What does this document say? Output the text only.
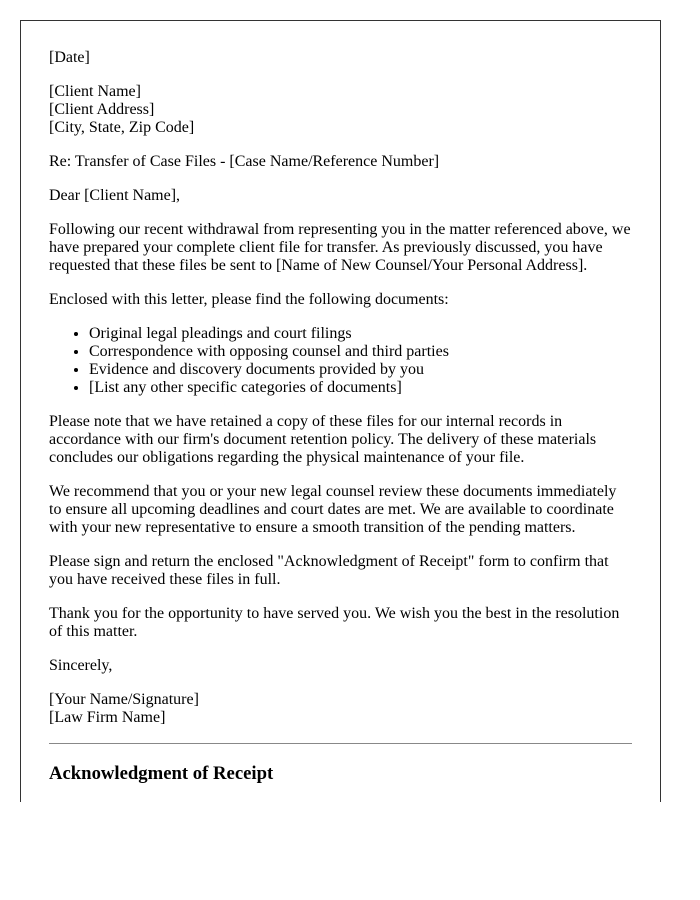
[Date]

[Client Name]
[Client Address]
[City, State, Zip Code]

Re: Transfer of Case Files - [Case Name/Reference Number]

Dear [Client Name],

Following our recent withdrawal from representing you in the matter referenced above, we have prepared your complete client file for transfer. As previously discussed, you have requested that these files be sent to [Name of New Counsel/Your Personal Address].

Enclosed with this letter, please find the following documents:

• Original legal pleadings and court filings
• Correspondence with opposing counsel and third parties
• Evidence and discovery documents provided by you
• [List any other specific categories of documents]

Please note that we have retained a copy of these files for our internal records in accordance with our firm's document retention policy. The delivery of these materials concludes our obligations regarding the physical maintenance of your file.

We recommend that you or your new legal counsel review these documents immediately to ensure all upcoming deadlines and court dates are met. We are available to coordinate with your new representative to ensure a smooth transition of the pending matters.

Please sign and return the enclosed "Acknowledgment of Receipt" form to confirm that you have received these files in full.

Thank you for the opportunity to have served you. We wish you the best in the resolution of this matter.

Sincerely,

[Your Name/Signature]
[Law Firm Name]

Acknowledgment of Receipt
